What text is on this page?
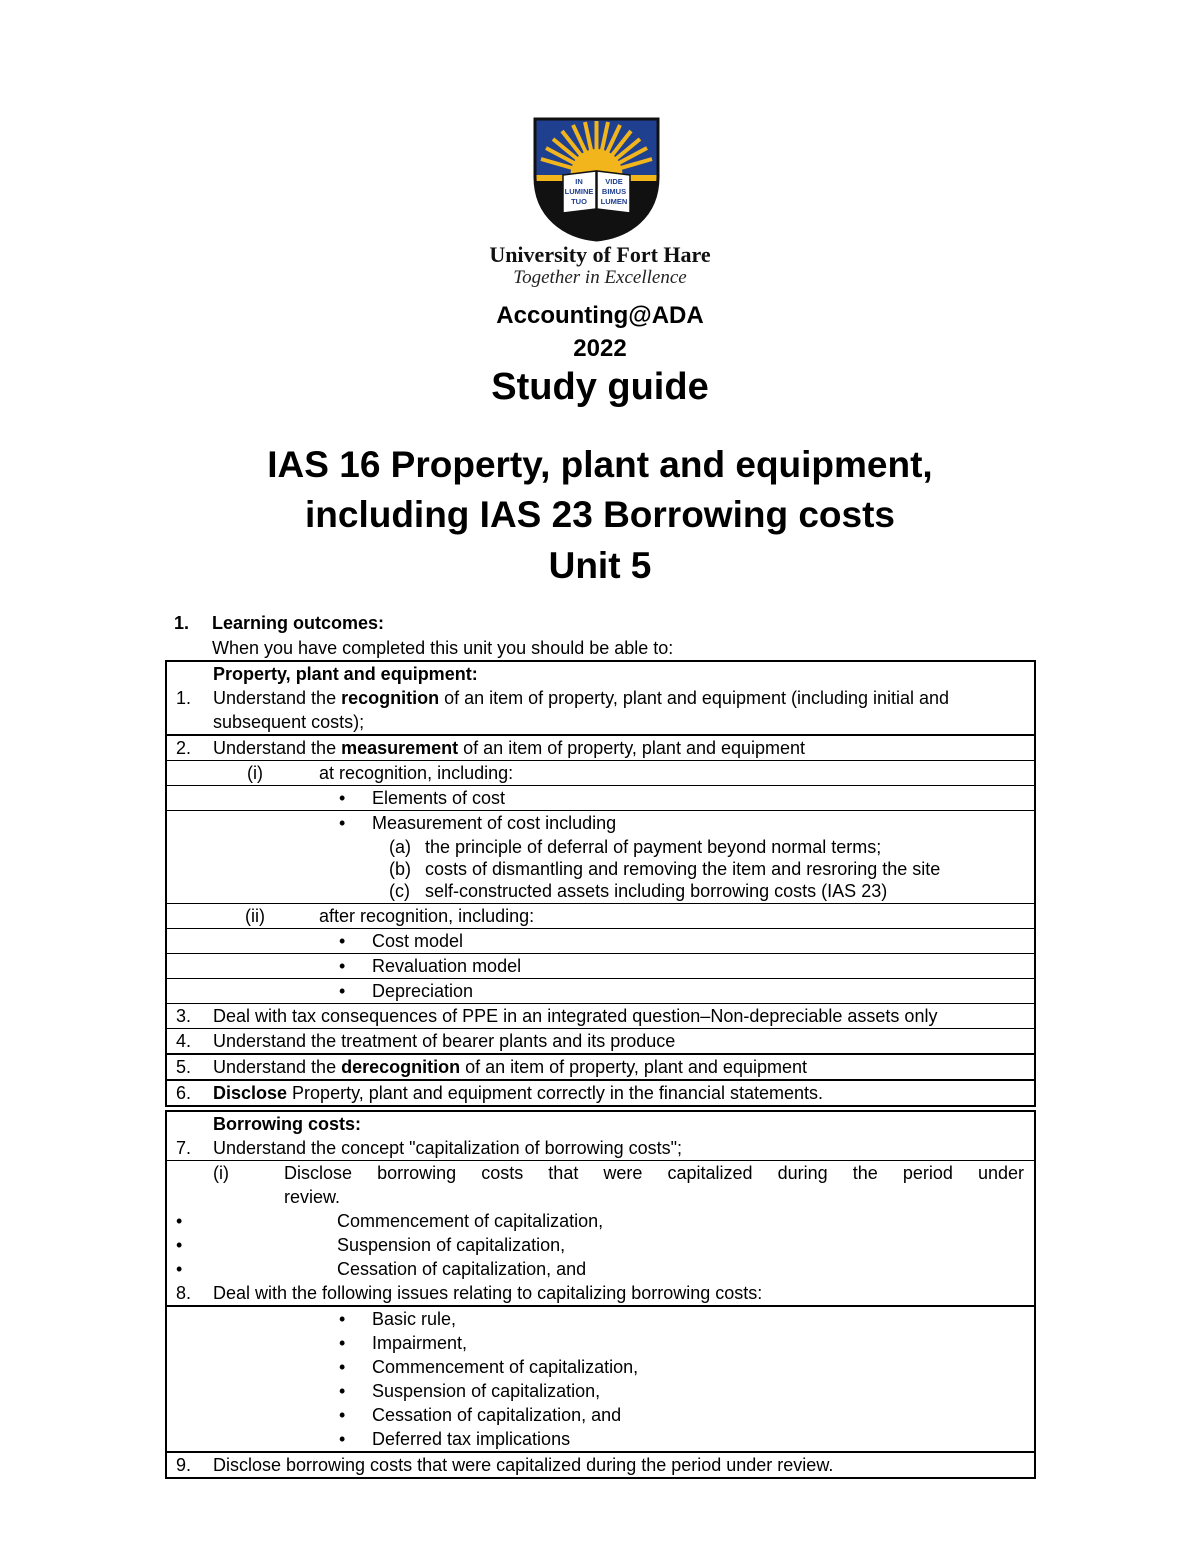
IN
LUMINE
TUO
VIDE
BIMUS
LUMEN
University of Fort Hare
Together in Excellence
Accounting@ADA
2022
Study guide
IAS 16 Property, plant and equipment,
including IAS 23 Borrowing costs
Unit 5
1. Learning outcomes:
When you have completed this unit you should be able to:
Property, plant and equipment:
1. Understand the recognition of an item of property, plant and equipment (including initial and subsequent costs);
2. Understand the measurement of an item of property, plant and equipment
(i)	at recognition, including:
• Elements of cost
• Measurement of cost including
(a) the principle of deferral of payment beyond normal terms;
(b) costs of dismantling and removing the item and resroring the site
(c) self-constructed assets including borrowing costs (IAS 23)
(ii)	after recognition, including:
• Cost model
• Revaluation model
• Depreciation
3. Deal with tax consequences of PPE in an integrated question–Non-depreciable assets only
4. Understand the treatment of bearer plants and its produce
5. Understand the derecognition of an item of property, plant and equipment
6. Disclose Property, plant and equipment correctly in the financial statements.
Borrowing costs:
7. Understand the concept "capitalization of borrowing costs";
(i)	Disclose borrowing costs that were capitalized during the period under
review.
•	Commencement of capitalization,
•	Suspension of capitalization,
•	Cessation of capitalization, and
8. Deal with the following issues relating to capitalizing borrowing costs:
• Basic rule,
• Impairment,
• Commencement of capitalization,
• Suspension of capitalization,
• Cessation of capitalization, and
• Deferred tax implications
9. Disclose borrowing costs that were capitalized during the period under review.
